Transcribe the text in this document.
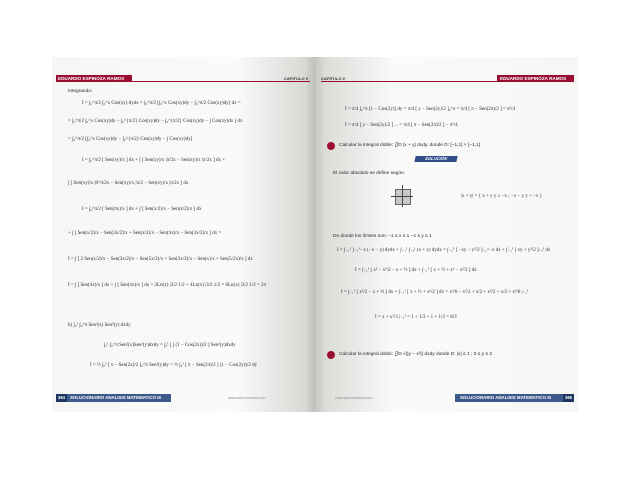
EDUARDO ESPINOZA RAMOS	CAPITULO V
Integrando:
I = ∫₀^π/2 ∫₀^x Cos(xy) dydx = ∫₀^π/2 [∫₀^x Cos(xy)dy − ∫₀^π/2 Cos(xy)dy] dx =
= ∫₀^π/2 ∫₀^x Cos(xy)dy − ∫₀^{π/2} Cos(xy)dy − ∫₀^{π/2} Cos(xy)dy − ∫ Cos(xy)dx ] dx
= ∫₀^π/2 [∫₀^x Cos(xy)dy − ∫₀^{π/2} Cos(xy)dy − ∫ Cos(xy)dy]
I = ∫₀^π/2 [ Sen(xy)/x ] dx + ∫ [ Sen(xy)/x |π/2x − Sen(xy)/x |π/2x ] dx +
∫ [ Sen(xy)/x |0^π/2x − Sen(xy)/x |π/2 − Sen(xy)/x |π/2x ] dx
I = ∫₀^π/2 [ Sen(πx)/x ] dx + ∫ [ Sen(x/2)/x − Sen(x/2)/x ] dx
+ ∫ [ Sen(x/2)/x − Sen(3x/2)/x + Sen(x/2)/x − Sen(πx)/x − Sen(3x/2)/x ] dx =
I = ∫ [ 2 Sen(x/2)/x − Sen(3x/2)/x − Sen(5x/2)/x + Sen(3x/2)/x − Sen(x)/x + Sen(5/2x)/x ] dx
I = ∫ [ Sen(πx)/x ] dx + ∫ [ Sen(πx)/x ] dx = 2Ln(x) |3/2 1/2 + 4Ln(x) |3/2 1/2 = 6Ln(x) |3/2 1/2 = 2π
b) ∫₀¹ ∫₀^π Sen²(x) Sen²(y) dxdy
∫₀¹ ∫₀^π Sen²(x)Sen²(y)dxdy = ∫₀¹ [ ∫ (1 − Cos(2x))/2 ] Sen²(y)dxdy
I = ½ ∫₀¹ [ x − Sen(2x)/2 ]₀^π Sen²(y)dy = ½ ∫₀¹ [ π − Sen(2π)/2 ] (1 − Cos(2y))/2 dy
364	SOLUCIONARIO ANALISIS MATEMATICO III	www.solucionarios.com
CAPITULO V	EDUARDO ESPINOZA RAMOS
I = π/4 ∫₀^π [1 − Cos(2y)] dy = π/4 [ y − Sen(2y)/2 ]₀^π = π/4 [ π − Sen(2π)/2 ] = π²/4
I = π/4 [ y − Sen(2y)/2 ] ... = π/4 [ π − Sen(2π)/2 ] − π²/4
Calcular la integral doble: ∬D |x + y| dxdy, donde D: [−1,1] × [−1,1]
SOLUCIÓN
El valor absoluto se define según:
|x + y| = { x + y y ≥ −x ; −x − y y < −x }
De donde los límites son: −1 ≤ x ≤ 1 −1 ≤ y ≤ 1
I = ∫₋₁¹ ∫₋₁^−x (−x − y) dydx + ∫₋₁¹ ∫₋ₓ¹ (x + y) dydx = ∫₋₁¹ [ −xy − y²/2 ]₋₁^−x dx + ∫₋₁¹ [ xy + y²/2 ]₋ₓ¹ dx
I = ∫₋₁¹ [ x² − x²/2 − x + ½ ] dx + ∫₋₁¹ [ x + ½ + x² − x²/2 ] dx
I = ∫₋₁¹ [ x²/2 − x + ½ ] dx + ∫₋₁¹ [ x + ½ + x²/2 ] dx = x³/6 − x²/2 + x/2 + x²/2 + x/2 + x³/6 |₋₁¹
I = x + x³/3 |₋₁¹ = 1 + 1/3 + 1 + 1/3 = 8/3
Calcular la integral doble: ∬D √(|y − x²|) dxdy donde D: |x| ≤ 1 ; 0 ≤ y ≤ 2
www.solucionarios.com	SOLUCIONARIO ANALISIS MATEMATICO III	365
